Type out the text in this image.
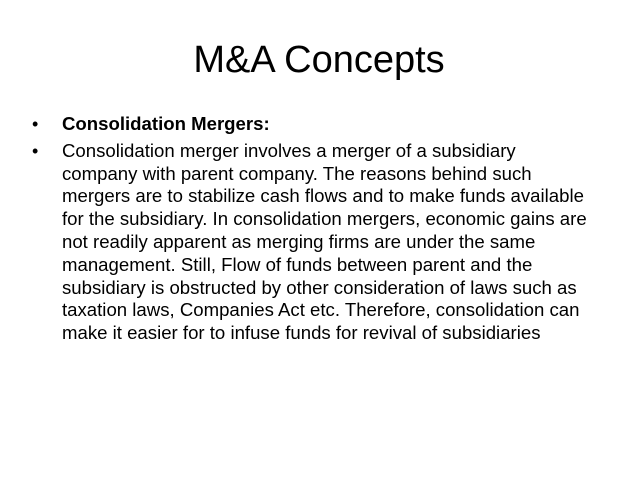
M&A Concepts
•	Consolidation Mergers:
•	Consolidation merger involves a merger of a subsidiary company with parent company. The reasons behind such mergers are to stabilize cash flows and to make funds available for the subsidiary. In consolidation mergers, economic gains are not readily apparent as merging firms are under the same management. Still, Flow of funds between parent and the subsidiary is obstructed by other consideration of laws such as taxation laws, Companies Act etc. Therefore, consolidation can make it easier for to infuse funds for revival of subsidiaries
